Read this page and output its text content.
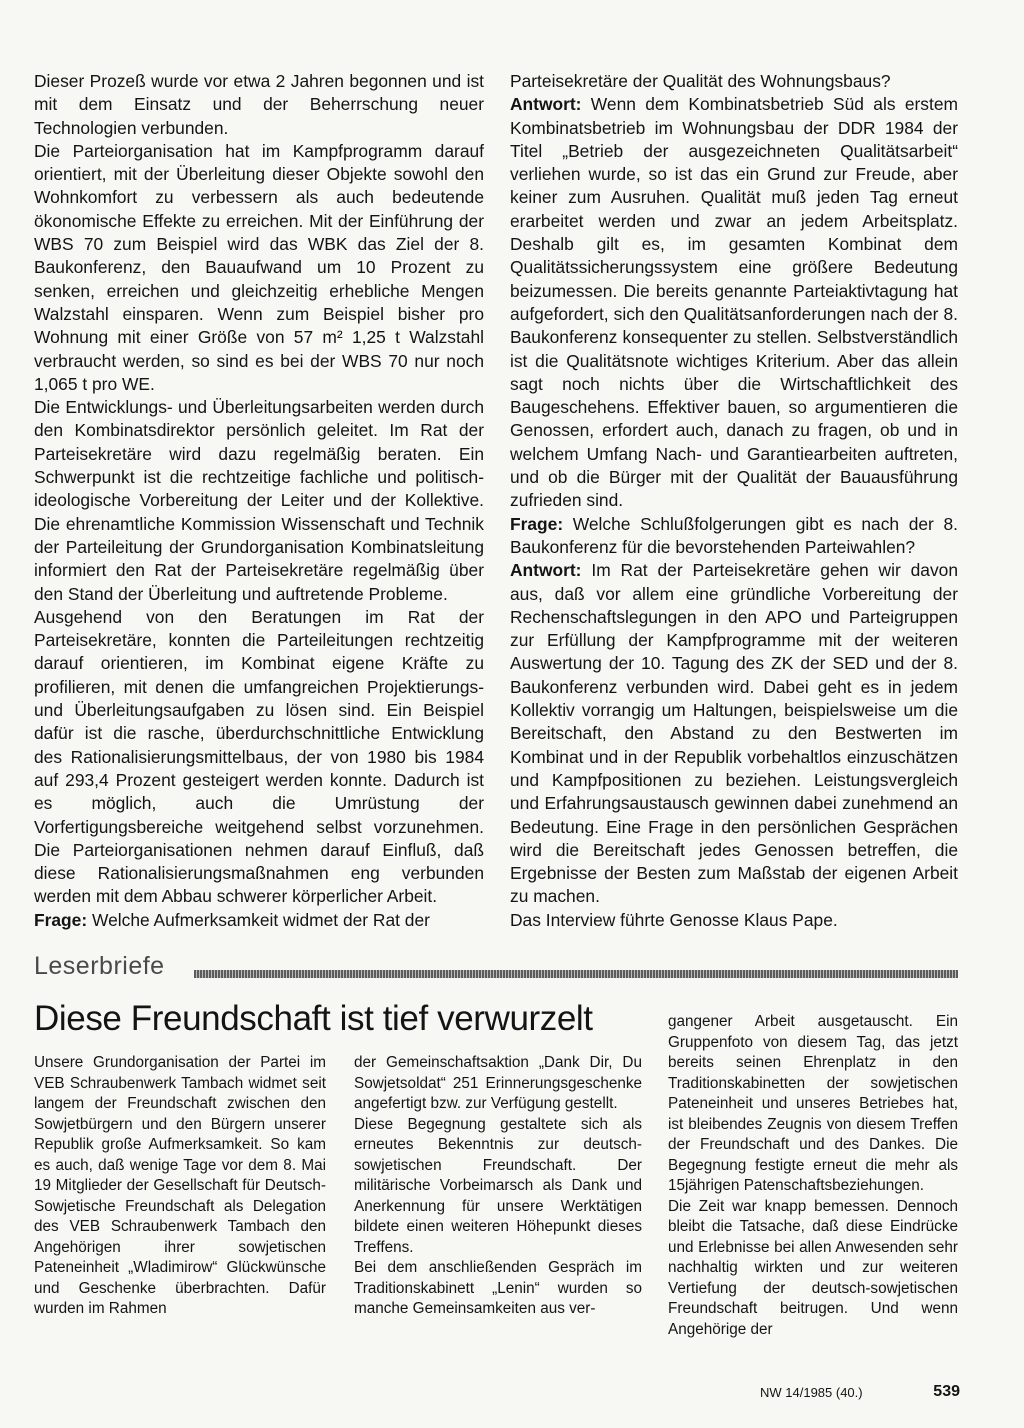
Dieser Prozeß wurde vor etwa 2 Jahren begonnen und ist mit dem Einsatz und der Beherrschung neuer Technologien verbunden.

Die Parteiorganisation hat im Kampfprogramm darauf orientiert, mit der Überleitung dieser Objekte sowohl den Wohnkomfort zu verbessern als auch bedeutende ökonomische Effekte zu erreichen. Mit der Einführung der WBS 70 zum Beispiel wird das WBK das Ziel der 8. Baukonferenz, den Bauaufwand um 10 Prozent zu senken, erreichen und gleichzeitig erhebliche Mengen Walzstahl einsparen. Wenn zum Beispiel bisher pro Wohnung mit einer Größe von 57 m² 1,25 t Walzstahl verbraucht werden, so sind es bei der WBS 70 nur noch 1,065 t pro WE.

Die Entwicklungs- und Überleitungsarbeiten werden durch den Kombinatsdirektor persönlich geleitet. Im Rat der Parteisekretäre wird dazu regelmäßig beraten. Ein Schwerpunkt ist die rechtzeitige fachliche und politisch-ideologische Vorbereitung der Leiter und der Kollektive. Die ehrenamtliche Kommission Wissenschaft und Technik der Parteileitung der Grundorganisation Kombinatsleitung informiert den Rat der Parteisekretäre regelmäßig über den Stand der Überleitung und auftretende Probleme.

Ausgehend von den Beratungen im Rat der Parteisekretäre, konnten die Parteileitungen rechtzeitig darauf orientieren, im Kombinat eigene Kräfte zu profilieren, mit denen die umfangreichen Projektierungs- und Überleitungsaufgaben zu lösen sind. Ein Beispiel dafür ist die rasche, überdurchschnittliche Entwicklung des Rationalisierungsmittelbaus, der von 1980 bis 1984 auf 293,4 Prozent gesteigert werden konnte. Dadurch ist es möglich, auch die Umrüstung der Vorfertigungsbereiche weitgehend selbst vorzunehmen. Die Parteiorganisationen nehmen darauf Einfluß, daß diese Rationalisierungsmaßnahmen eng verbunden werden mit dem Abbau schwerer körperlicher Arbeit.

Frage: Welche Aufmerksamkeit widmet der Rat der

Parteisekretäre der Qualität des Wohnungsbaus?

Antwort: Wenn dem Kombinatsbetrieb Süd als erstem Kombinatsbetrieb im Wohnungsbau der DDR 1984 der Titel „Betrieb der ausgezeichneten Qualitätsarbeit“ verliehen wurde, so ist das ein Grund zur Freude, aber keiner zum Ausruhen. Qualität muß jeden Tag erneut erarbeitet werden und zwar an jedem Arbeitsplatz. Deshalb gilt es, im gesamten Kombinat dem Qualitätssicherungssystem eine größere Bedeutung beizumessen. Die bereits genannte Parteiaktivtagung hat aufgefordert, sich den Qualitätsanforderungen nach der 8. Baukonferenz konsequenter zu stellen. Selbstverständlich ist die Qualitätsnote wichtiges Kriterium. Aber das allein sagt noch nichts über die Wirtschaftlichkeit des Baugeschehens. Effektiver bauen, so argumentieren die Genossen, erfordert auch, danach zu fragen, ob und in welchem Umfang Nach- und Garantiearbeiten auftreten, und ob die Bürger mit der Qualität der Bauausführung zufrieden sind.

Frage: Welche Schlußfolgerungen gibt es nach der 8. Baukonferenz für die bevorstehenden Parteiwahlen?

Antwort: Im Rat der Parteisekretäre gehen wir davon aus, daß vor allem eine gründliche Vorbereitung der Rechenschaftslegungen in den APO und Parteigruppen zur Erfüllung der Kampfprogramme mit der weiteren Auswertung der 10. Tagung des ZK der SED und der 8. Baukonferenz verbunden wird. Dabei geht es in jedem Kollektiv vorrangig um Haltungen, beispielsweise um die Bereitschaft, den Abstand zu den Bestwerten im Kombinat und in der Republik vorbehaltlos einzuschätzen und Kampfpositionen zu beziehen. Leistungsvergleich und Erfahrungsaustausch gewinnen dabei zunehmend an Bedeutung. Eine Frage in den persönlichen Gesprächen wird die Bereitschaft jedes Genossen betreffen, die Ergebnisse der Besten zum Maßstab der eigenen Arbeit zu machen.

Das Interview führte Genosse Klaus Pape.

Leserbriefe
Diese Freundschaft ist tief verwurzelt

Unsere Grundorganisation der Partei im VEB Schraubenwerk Tambach widmet seit langem der Freundschaft zwischen den Sowjetbürgern und den Bürgern unserer Republik große Aufmerksamkeit. So kam es auch, daß wenige Tage vor dem 8. Mai 19 Mitglieder der Gesellschaft für Deutsch-Sowjetische Freundschaft als Delegation des VEB Schraubenwerk Tambach den Angehörigen ihrer sowjetischen Pateneinheit „Wladimirow“ Glückwünsche und Geschenke überbrachten. Dafür wurden im Rahmen

der Gemeinschaftsaktion „Dank Dir, Du Sowjetsoldat“ 251 Erinnerungsgeschenke angefertigt bzw. zur Verfügung gestellt.

Diese Begegnung gestaltete sich als erneutes Bekenntnis zur deutsch-sowjetischen Freundschaft. Der militärische Vorbeimarsch als Dank und Anerkennung für unsere Werktätigen bildete einen weiteren Höhepunkt dieses Treffens.

Bei dem anschließenden Gespräch im Traditionskabinett „Lenin“ wurden so manche Gemeinsamkeiten aus ver-

gangener Arbeit ausgetauscht. Ein Gruppenfoto von diesem Tag, das jetzt bereits seinen Ehrenplatz in den Traditionskabinetten der sowjetischen Pateneinheit und unseres Betriebes hat, ist bleibendes Zeugnis von diesem Treffen der Freundschaft und des Dankes. Die Begegnung festigte erneut die mehr als 15jährigen Patenschaftsbeziehungen.

Die Zeit war knapp bemessen. Dennoch bleibt die Tatsache, daß diese Eindrücke und Erlebnisse bei allen Anwesenden sehr nachhaltig wirkten und zur weiteren Vertiefung der deutsch-sowjetischen Freundschaft beitrugen. Und wenn Angehörige der

NW 14/1985 (40.)	539
